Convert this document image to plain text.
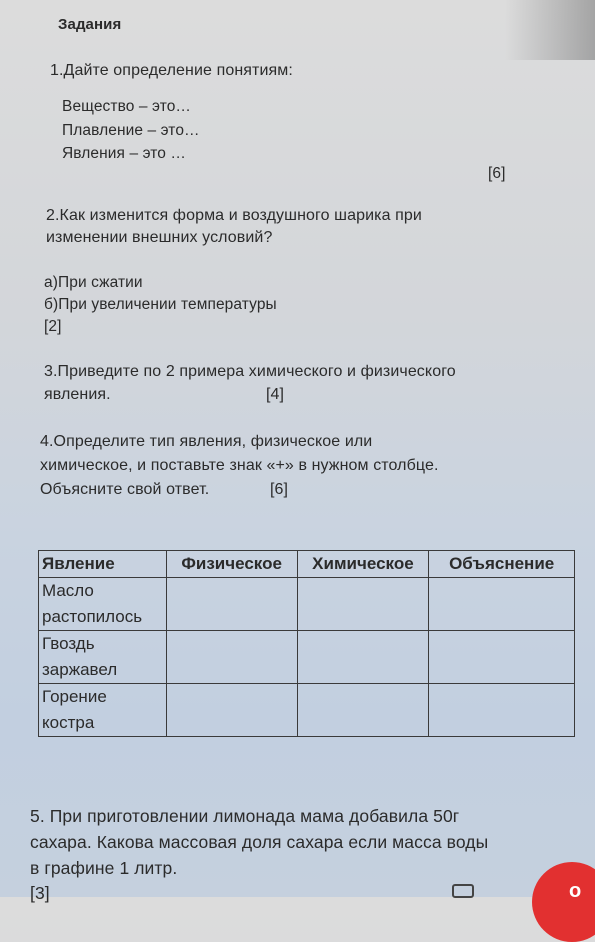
Задания
1.Дайте определение понятиям:
Вещество – это…
Плавление – это…
Явления – это …
[6]
2.Как изменится форма и воздушного шарика при
изменении внешних условий?
а)При сжатии
б)При увеличении температуры
[2]
3.Приведите по 2 примера химического и физического
явления.	[4]
4.Определите тип явления, физическое или
химическое, и поставьте знак «+» в нужном столбце.
Объясните свой ответ.	[6]
Явление	Физическое	Химическое	Объяснение

Масло
растопилось			

Гвоздь
заржавел			

Горение
костра			

5. При приготовлении лимонада мама добавила 50г
сахара. Какова массовая доля сахара если масса воды
в графине 1 литр.
[3]	o
